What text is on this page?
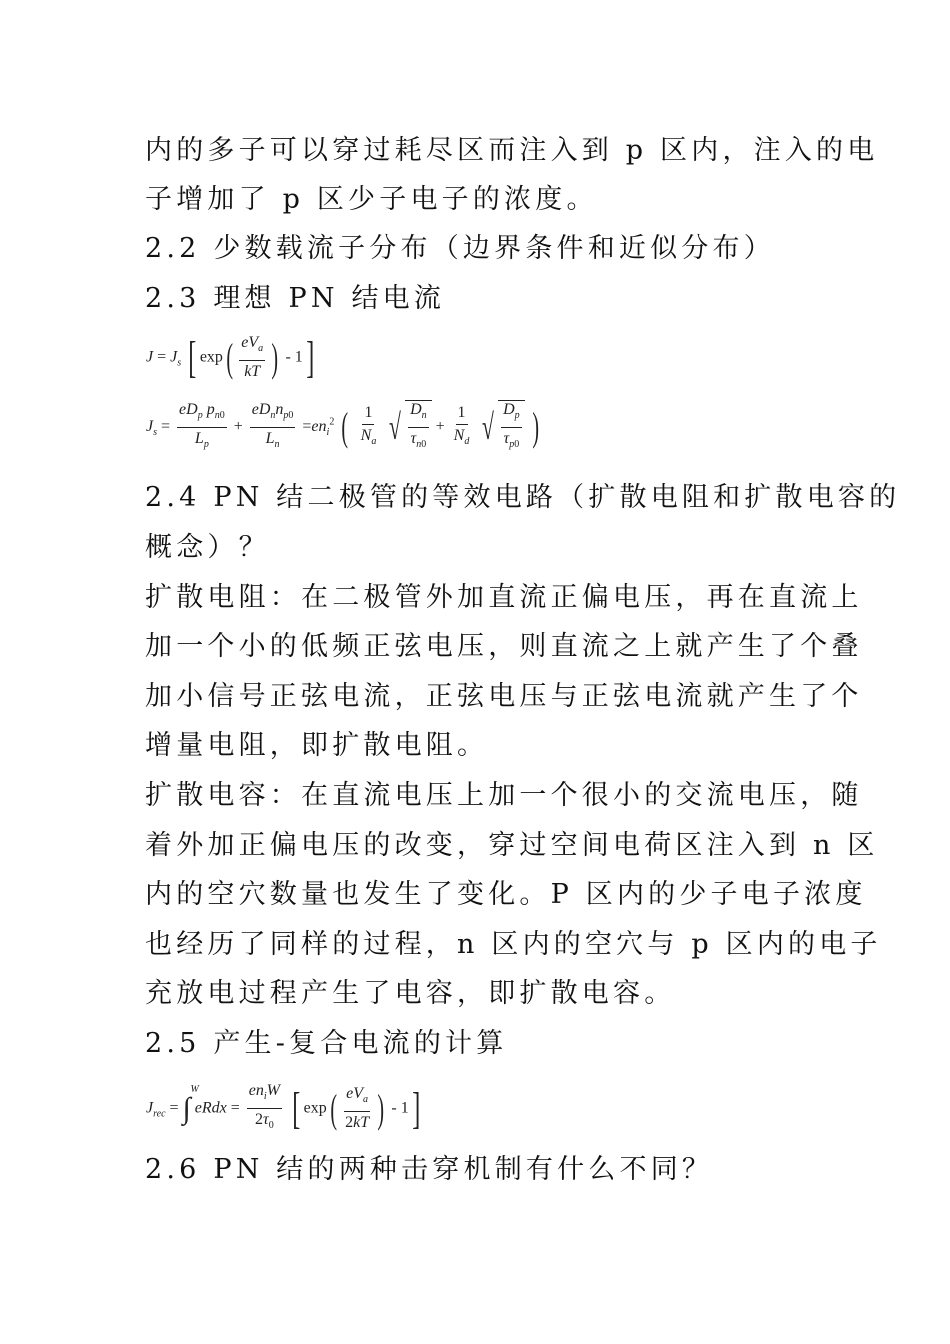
内的多子可以穿过耗尽区而注入到 p 区内，注入的电
子增加了 p 区少子电子的浓度。
2.2 少数载流子分布（边界条件和近似分布）
2.3 理想 PN 结电流
$J = J_s$ [ $\exp( \frac{eV_a}{kT}$ ) - 1]
$J_s = \frac{eD_p p_{n0}}{L_p} + \frac{eD_nn_{p0}}{L_n} =en_i^2$ ( $\frac{1}{N_a}$
√ $\frac{D_n}{\tau_{n0}} + \frac{1}{N_d}$
√ $\frac{D_p}{\tau_{p0}}$ )
2.4 PN 结二极管的等效电路（扩散电阻和扩散电容的
概念）？
扩散电阻：在二极管外加直流正偏电压，再在直流上
加一个小的低频正弦电压，则直流之上就产生了个叠
加小信号正弦电流，正弦电压与正弦电流就产生了个
增量电阻，即扩散电阻。
扩散电容：在直流电压上加一个很小的交流电压，随
着外加正偏电压的改变，穿过空间电荷区注入到 n 区
内的空穴数量也发生了变化。P 区内的少子电子浓度
也经历了同样的过程，n 区内的空穴与 p 区内的电子
充放电过程产生了电容，即扩散电容。
2.5 产生-复合电流的计算
$J_{rec}$ = ∫
W
eRdx = $\frac{en_iW}{2\tau_0}$ [ $\exp( \frac{eV_a}{2kT}$ ) - 1]
2.6 PN 结的两种击穿机制有什么不同？
